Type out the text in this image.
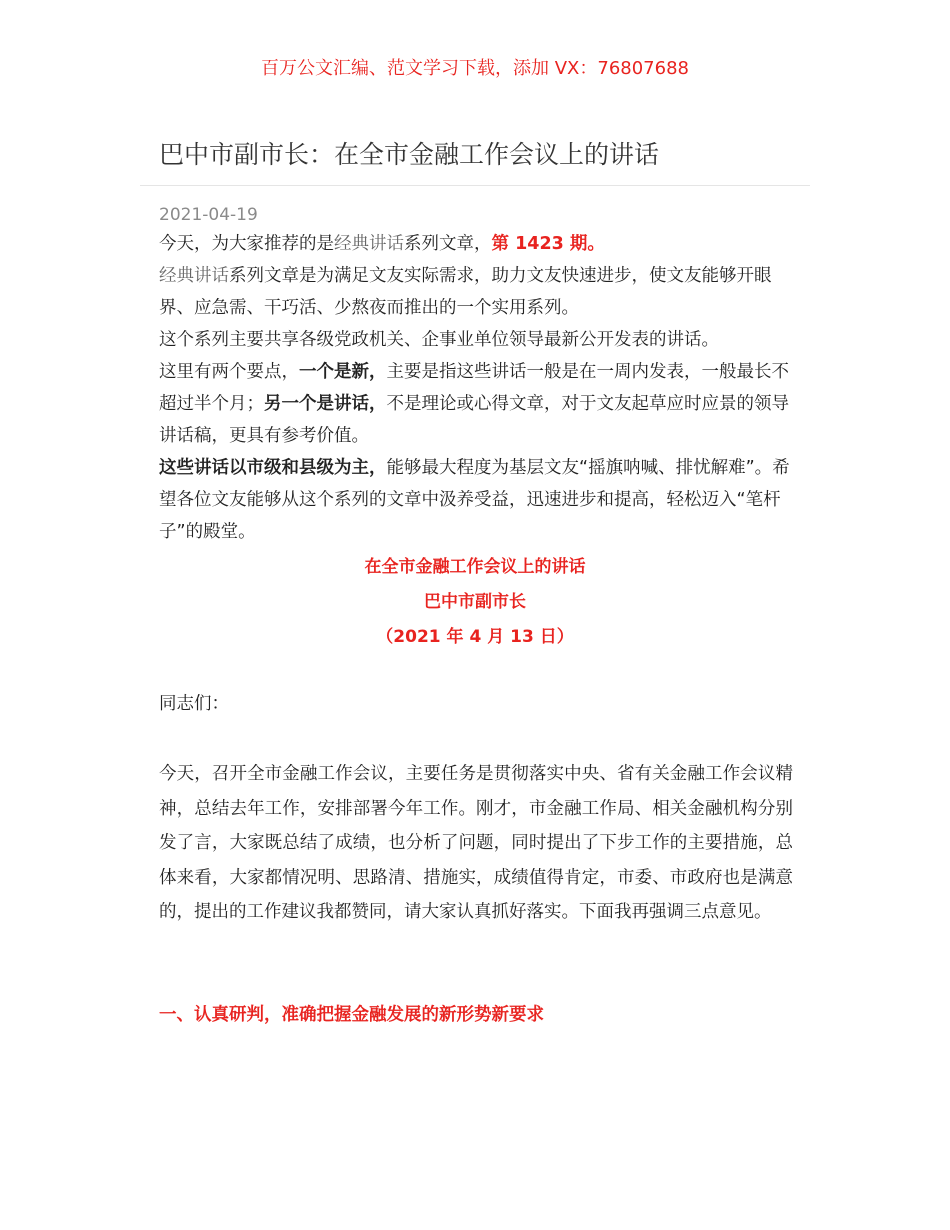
百万公文汇编、范文学习下载，添加 VX：76807688
巴中市副市长：在全市金融工作会议上的讲话
2021-04-19

今天，为大家推荐的是经典讲话系列文章，第 1423 期。

经典讲话系列文章是为满足文友实际需求，助力文友快速进步，使文友能够开眼界、应急需、干巧活、少熬夜而推出的一个实用系列。

这个系列主要共享各级党政机关、企事业单位领导最新公开发表的讲话。

这里有两个要点，一个是新，主要是指这些讲话一般是在一周内发表，一般最长不超过半个月；另一个是讲话，不是理论或心得文章，对于文友起草应时应景的领导讲话稿，更具有参考价值。

这些讲话以市级和县级为主，能够最大程度为基层文友“摇旗呐喊、排忧解难”。希望各位文友能够从这个系列的文章中汲养受益，迅速进步和提高，轻松迈入“笔杆子”的殿堂。

在全市金融工作会议上的讲话
巴中市副市长
（2021 年 4 月 13 日）
同志们：
今天，召开全市金融工作会议，主要任务是贯彻落实中央、省有关金融工作会议精神，总结去年工作，安排部署今年工作。刚才，市金融工作局、相关金融机构分别发了言，大家既总结了成绩，也分析了问题，同时提出了下步工作的主要措施，总体来看，大家都情况明、思路清、措施实，成绩值得肯定，市委、市政府也是满意的，提出的工作建议我都赞同，请大家认真抓好落实。下面我再强调三点意见。
一、认真研判，准确把握金融发展的新形势新要求
